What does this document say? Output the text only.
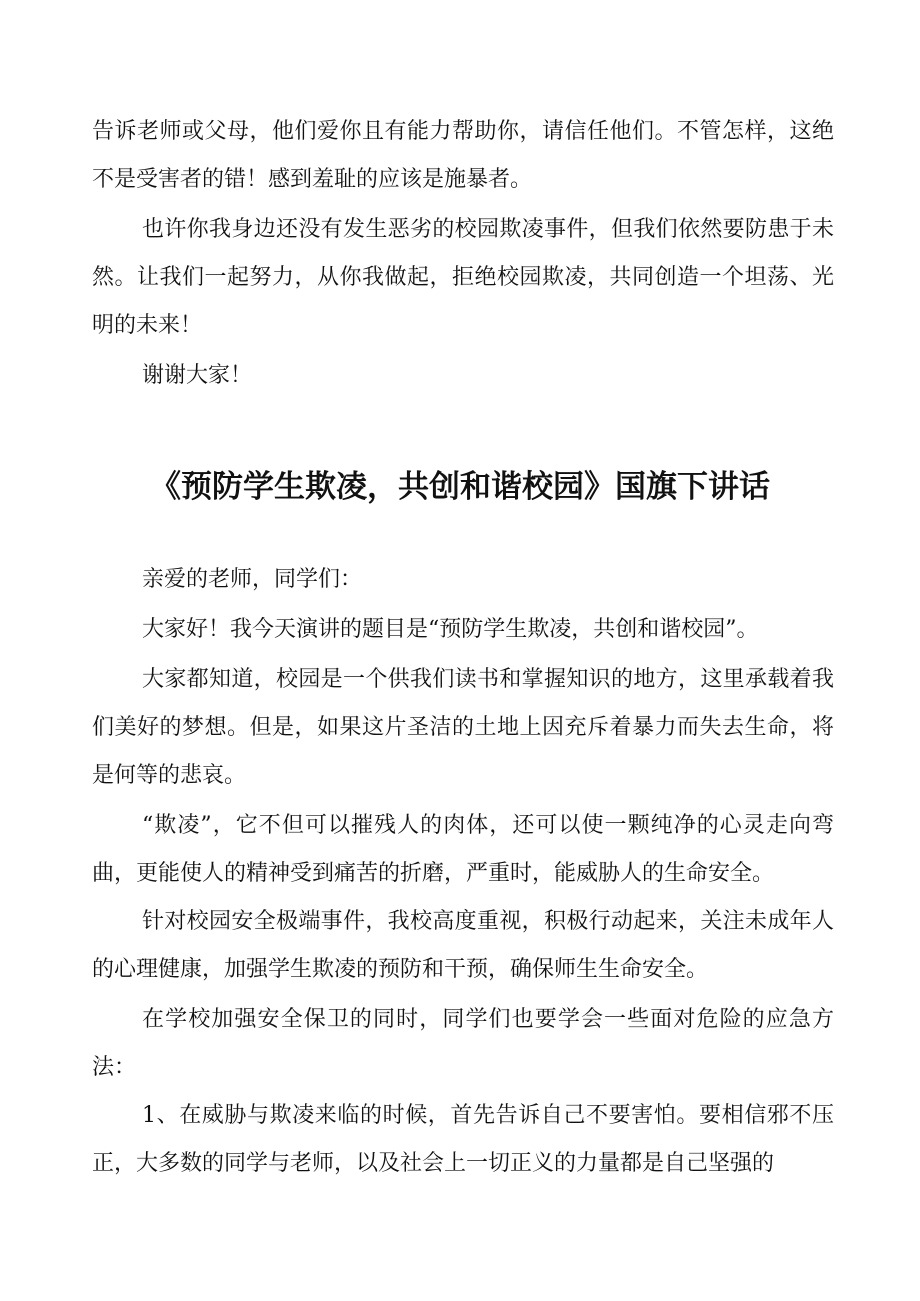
告诉老师或父母，他们爱你且有能力帮助你，请信任他们。不管怎样，这绝不是受害者的错！感到羞耻的应该是施暴者。

也许你我身边还没有发生恶劣的校园欺凌事件，但我们依然要防患于未然。让我们一起努力，从你我做起，拒绝校园欺凌，共同创造一个坦荡、光明的未来！

谢谢大家！

《预防学生欺凌，共创和谐校园》国旗下讲话

亲爱的老师，同学们：

大家好！我今天演讲的题目是“预防学生欺凌，共创和谐校园”。

大家都知道，校园是一个供我们读书和掌握知识的地方，这里承载着我们美好的梦想。但是，如果这片圣洁的土地上因充斥着暴力而失去生命，将是何等的悲哀。

“欺凌”，它不但可以摧残人的肉体，还可以使一颗纯净的心灵走向弯曲，更能使人的精神受到痛苦的折磨，严重时，能威胁人的生命安全。

针对校园安全极端事件，我校高度重视，积极行动起来，关注未成年人的心理健康，加强学生欺凌的预防和干预，确保师生生命安全。

在学校加强安全保卫的同时，同学们也要学会一些面对危险的应急方法：

1、在威胁与欺凌来临的时候，首先告诉自己不要害怕。要相信邪不压正，大多数的同学与老师，以及社会上一切正义的力量都是自己坚强的
